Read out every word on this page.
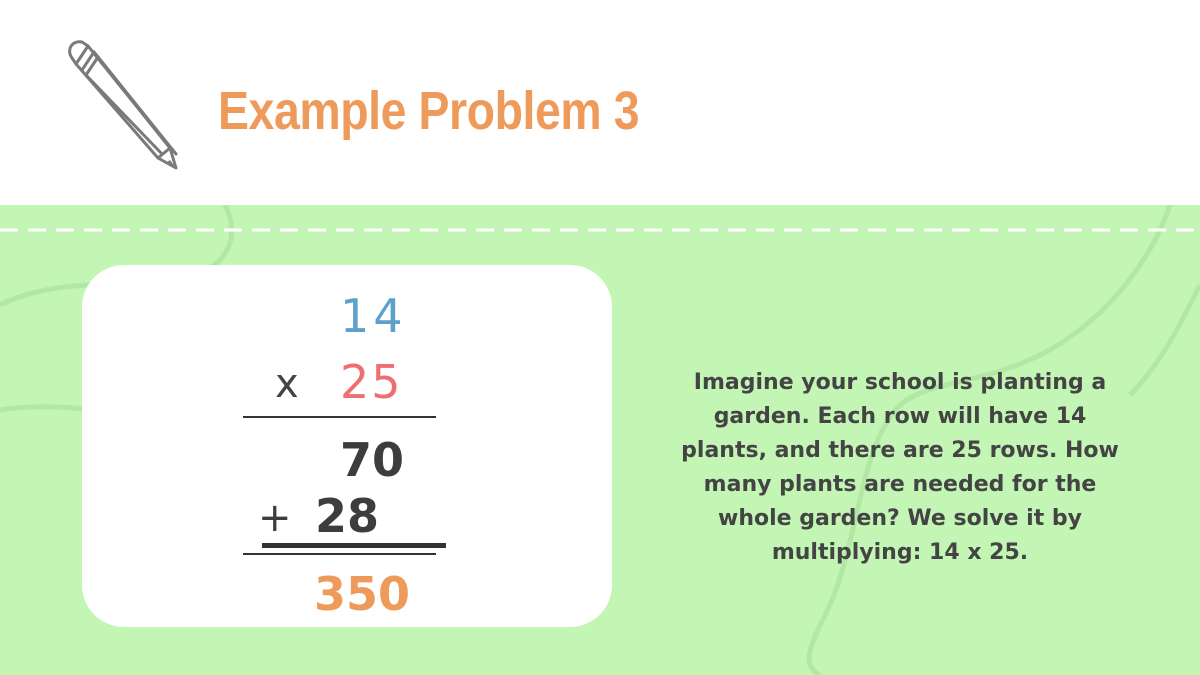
Example Problem 3
14
x 25
70
+ 28
350
Imagine your school is planting a garden. Each row will have 14 plants, and there are 25 rows. How many plants are needed for the whole garden? We solve it by multiplying: 14 x 25.
